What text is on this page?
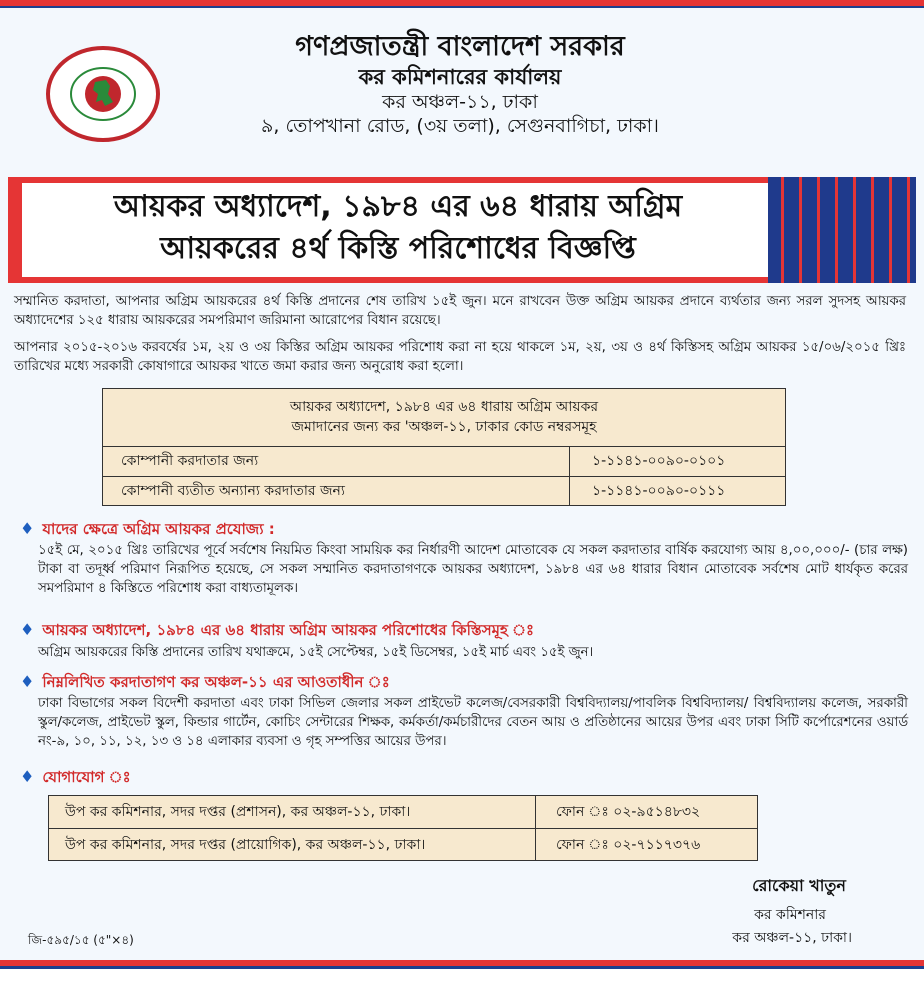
গণপ্রজাতন্ত্রী বাংলাদেশ সরকার

কর কমিশনারের কার্যালয়

কর অঞ্চল-১১, ঢাকা

৯, তোপখানা রোড, (৩য় তলা), সেগুনবাগিচা, ঢাকা।

আয়কর অধ্যাদেশ, ১৯৮৪ এর ৬৪ ধারায় অগ্রিম
আয়করের ৪র্থ কিস্তি পরিশোধের বিজ্ঞপ্তি
সম্মানিত করদাতা, আপনার অগ্রিম আয়করের ৪র্থ কিস্তি প্রদানের শেষ তারিখ ১৫ই জুন। মনে রাখবেন উক্ত অগ্রিম আয়কর প্রদানে ব্যর্থতার জন্য সরল সুদসহ আয়কর অধ্যাদেশের ১২৫ ধারায় আয়করের সমপরিমাণ জরিমানা আরোপের বিধান রয়েছে।
আপনার ২০১৫-২০১৬ করবর্ষের ১ম, ২য় ও ৩য় কিস্তির অগ্রিম আয়কর পরিশোধ করা না হয়ে থাকলে ১ম, ২য়, ৩য় ও ৪র্থ কিস্তিসহ অগ্রিম আয়কর ১৫/০৬/২০১৫ খ্রিঃ তারিখের মধ্যে সরকারী কোষাগারে আয়কর খাতে জমা করার জন্য অনুরোধ করা হলো।
আয়কর অধ্যাদেশ, ১৯৮৪ এর ৬৪ ধারায় অগ্রিম আয়কর
জমাদানের জন্য কর 'অঞ্চল-১১, ঢাকার কোড নম্বরসমূহ
কোম্পানী করদাতার জন্য	১-১১৪১-০০৯০-০১০১
কোম্পানী ব্যতীত অন্যান্য করদাতার জন্য	১-১১৪১-০০৯০-০১১১
♦ যাদের ক্ষেত্রে অগ্রিম আয়কর প্রযোজ্য :
১৫ই মে, ২০১৫ খ্রিঃ তারিখের পূর্বে সর্বশেষ নিয়মিত কিংবা সাময়িক কর নির্ধারণী আদেশ মোতাবেক যে সকল করদাতার বার্ষিক করযোগ্য আয় ৪,০০,০০০/- (চার লক্ষ) টাকা বা তদূর্ধ্ব পরিমাণ নিরূপিত হয়েছে, সে সকল সম্মানিত করদাতাগণকে আয়কর অধ্যাদেশ, ১৯৮৪ এর ৬৪ ধারার বিধান মোতাবেক সর্বশেষ মোট ধার্যকৃত করের সমপরিমাণ ৪ কিস্তিতে পরিশোধ করা বাধ্যতামূলক।
♦ আয়কর অধ্যাদেশ, ১৯৮৪ এর ৬৪ ধারায় অগ্রিম আয়কর পরিশোধের কিস্তিসমূহ ঃ
অগ্রিম আয়করের কিস্তি প্রদানের তারিখ যথাক্রমে, ১৫ই সেপ্টেম্বর, ১৫ই ডিসেম্বর, ১৫ই মার্চ এবং ১৫ই জুন।
♦ নিম্নলিখিত করদাতাগণ কর অঞ্চল-১১ এর আওতাধীন ঃ
ঢাকা বিভাগের সকল বিদেশী করদাতা এবং ঢাকা সিভিল জেলার সকল প্রাইভেট কলেজ/বেসরকারী বিশ্ববিদ্যালয়/পাবলিক বিশ্ববিদ্যালয়/ বিশ্ববিদ্যালয় কলেজ, সরকারী স্কুল/কলেজ, প্রাইভেট স্কুল, কিন্ডার গার্টেন, কোচিং সেন্টারের শিক্ষক, কর্মকর্তা/কর্মচারীদের বেতন আয় ও প্রতিষ্ঠানের আয়ের উপর এবং ঢাকা সিটি কর্পোরেশনের ওয়ার্ড নং-৯, ১০, ১১, ১২, ১৩ ও ১৪ এলাকার ব্যবসা ও গৃহ সম্পত্তির আয়ের উপর।
♦ যোগাযোগ ঃ
উপ কর কমিশনার, সদর দপ্তর (প্রশাসন), কর অঞ্চল-১১, ঢাকা।	ফোন ঃ ০২-৯৫১৪৮৩২
উপ কর কমিশনার, সদর দপ্তর (প্রায়োগিক), কর অঞ্চল-১১, ঢাকা।	ফোন ঃ ০২-৭১১৭৩৭৬
রোকেয়া খাতুন
কর কমিশনার
কর অঞ্চল-১১, ঢাকা।
জি-৫৯৫/১৫ (৫"×৪)
